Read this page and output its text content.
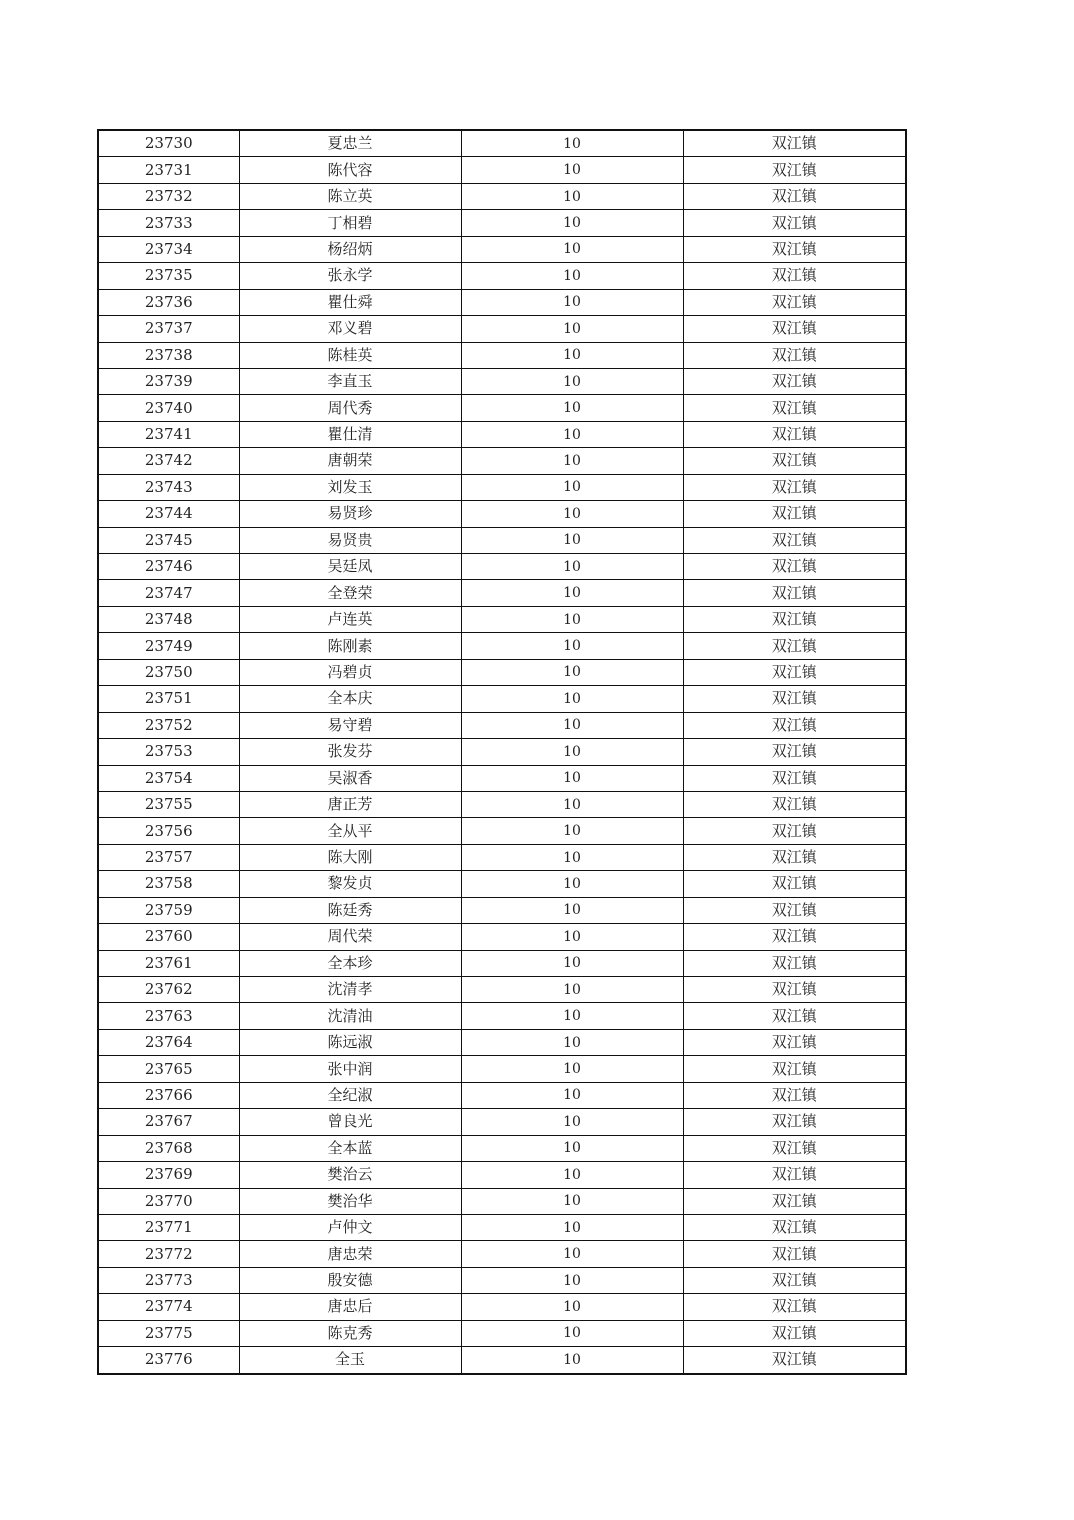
23730	夏忠兰	10	双江镇
23731	陈代容	10	双江镇
23732	陈立英	10	双江镇
23733	丁相碧	10	双江镇
23734	杨绍炳	10	双江镇
23735	张永学	10	双江镇
23736	瞿仕舜	10	双江镇
23737	邓义碧	10	双江镇
23738	陈桂英	10	双江镇
23739	李直玉	10	双江镇
23740	周代秀	10	双江镇
23741	瞿仕清	10	双江镇
23742	唐朝荣	10	双江镇
23743	刘发玉	10	双江镇
23744	易贤珍	10	双江镇
23745	易贤贵	10	双江镇
23746	吴廷凤	10	双江镇
23747	全登荣	10	双江镇
23748	卢连英	10	双江镇
23749	陈刚素	10	双江镇
23750	冯碧贞	10	双江镇
23751	全本庆	10	双江镇
23752	易守碧	10	双江镇
23753	张发芬	10	双江镇
23754	吴淑香	10	双江镇
23755	唐正芳	10	双江镇
23756	全从平	10	双江镇
23757	陈大刚	10	双江镇
23758	黎发贞	10	双江镇
23759	陈廷秀	10	双江镇
23760	周代荣	10	双江镇
23761	全本珍	10	双江镇
23762	沈清孝	10	双江镇
23763	沈清油	10	双江镇
23764	陈远淑	10	双江镇
23765	张中润	10	双江镇
23766	全纪淑	10	双江镇
23767	曾良光	10	双江镇
23768	全本蓝	10	双江镇
23769	樊治云	10	双江镇
23770	樊治华	10	双江镇
23771	卢仲文	10	双江镇
23772	唐忠荣	10	双江镇
23773	殷安德	10	双江镇
23774	唐忠后	10	双江镇
23775	陈克秀	10	双江镇
23776	全玉	10	双江镇
